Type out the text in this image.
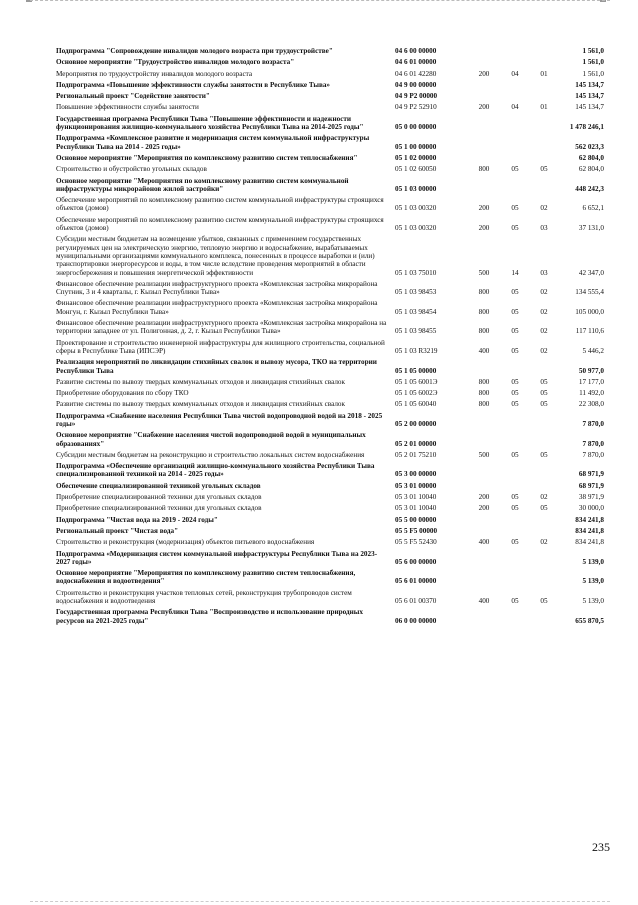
Подпрограмма "Сопровождение инвалидов молодого возраста при трудоустройстве"	04 6 00 00000				1 561,0
Основное мероприятие "Трудоустройство инвалидов молодого возраста"	04 6 01 00000				1 561,0
Мероприятия по трудоустройству инвалидов молодого возраста	04 6 01 42280	200	04	01	1 561,0
Подпрограмма «Повышение эффективности службы занятости в Республике Тыва»	04 9 00 00000				145 134,7
Региональный проект "Содействие занятости"	04 9 P2 00000				145 134,7
Повышение эффективности службы занятости	04 9 P2 52910	200	04	01	145 134,7
Государственная программа Республики Тыва "Повышение эффективности и надежности функционирования жилищно-коммунального хозяйства Республики Тыва на 2014-2025 годы"	05 0 00 00000				1 478 246,1
Подпрограмма «Комплексное развитие и модернизация систем коммунальной инфраструктуры Республики Тыва на 2014 - 2025 годы»	05 1 00 00000				562 023,3
Основное мероприятие "Мероприятия по комплексному развитию систем теплоснабжения"	05 1 02 00000				62 804,0
Строительство и обустройство угольных складов	05 1 02 60050	800	05	05	62 804,0
Основное мероприятие "Мероприятия по комплексному развитию систем коммунальной инфраструктуры микрорайонов жилой застройки"	05 1 03 00000				448 242,3
Обеспечение мероприятий по комплексному развитию систем коммунальной инфраструктуры строящихся объектов (домов)	05 1 03 00320	200	05	02	6 652,1
Обеспечение мероприятий по комплексному развитию систем коммунальной инфраструктуры строящихся объектов (домов)	05 1 03 00320	200	05	03	37 131,0
Субсидии местным бюджетам на возмещение убытков, связанных с применением государственных регулируемых цен на электрическую энергию, тепловую энергию и водоснабжение, вырабатываемых муниципальными организациями коммунального комплекса, понесенных в процессе выработки и (или) транспортировки энергоресурсов и воды, в том числе вследствие проведения мероприятий в области энергосбережения и повышения энергетической эффективности	05 1 03 75010	500	14	03	42 347,0
Финансовое обеспечение реализации инфраструктурного проекта «Комплексная застройка микрорайона Спутник, 3 и 4 кварталы, г. Кызыл Республики Тыва»	05 1 03 98453	800	05	02	134 555,4
Финансовое обеспечение реализации инфраструктурного проекта «Комплексная застройка микрорайона Монгун, г. Кызыл Республики Тыва»	05 1 03 98454	800	05	02	105 000,0
Финансовое обеспечение реализации инфраструктурного проекта «Комплексная застройка микрорайона на территории западнее от ул. Полигонная, д. 2, г. Кызыл Республики Тыва»	05 1 03 98455	800	05	02	117 110,6
Проектирование и строительство инженерной инфраструктуры для жилищного строительства, социальной сферы в Республике Тыва (ИПСЭР)	05 1 03 R3219	400	05	02	5 446,2
Реализация мероприятий по ликвидации стихийных свалок и вывозу мусора, ТКО на территории Республики Тыва	05 1 05 00000				50 977,0
Развитие системы по вывозу твердых коммунальных отходов и ликвидация стихийных свалок	05 1 05 6001Э	800	05	05	17 177,0
Приобретение оборудования по сбору ТКО	05 1 05 6002Э	800	05	05	11 492,0
Развитие системы по вывозу твердых коммунальных отходов и ликвидация стихийных свалок	05 1 05 60040	800	05	05	22 308,0
Подпрограмма «Снабжение населения Республики Тыва чистой водопроводной водой на 2018 - 2025 годы»	05 2 00 00000				7 870,0
Основное мероприятие "Снабжение населения чистой водопроводной водой в муниципальных образованиях"	05 2 01 00000				7 870,0
Субсидии местным бюджетам на реконструкцию и строительство локальных систем водоснабжения	05 2 01 75210	500	05	05	7 870,0
Подпрограмма «Обеспечение организаций жилищно-коммунального хозяйства Республики Тыва специализированной техникой на 2014 - 2025 годы»	05 3 00 00000				68 971,9
Обеспечение специализированной техникой угольных складов	05 3 01 00000				68 971,9
Приобретение специализированной техники для угольных складов	05 3 01 10040	200	05	02	38 971,9
Приобретение специализированной техники для угольных складов	05 3 01 10040	200	05	05	30 000,0
Подпрограмма "Чистая вода на 2019 - 2024 годы"	05 5 00 00000				834 241,8
Региональный проект "Чистая вода"	05 5 F5 00000				834 241,8
Строительство и реконструкция (модернизация) объектов питьевого водоснабжения	05 5 F5 52430	400	05	02	834 241,8
Подпрограмма «Модернизация систем коммунальной инфраструктуры Республики Тыва на 2023-2027 годы»	05 6 00 00000				5 139,0
Основное мероприятие "Мероприятия по комплексному развитию систем теплоснабжения, водоснабжения и водоотведения"	05 6 01 00000				5 139,0
Строительство и реконструкция участков тепловых сетей, реконструкция трубопроводов систем водоснабжения и водоотведения	05 6 01 00370	400	05	05	5 139,0
Государственная программа Республики Тыва "Воспроизводство и использование природных ресурсов на 2021-2025 годы"	06 0 00 00000				655 870,5
235
